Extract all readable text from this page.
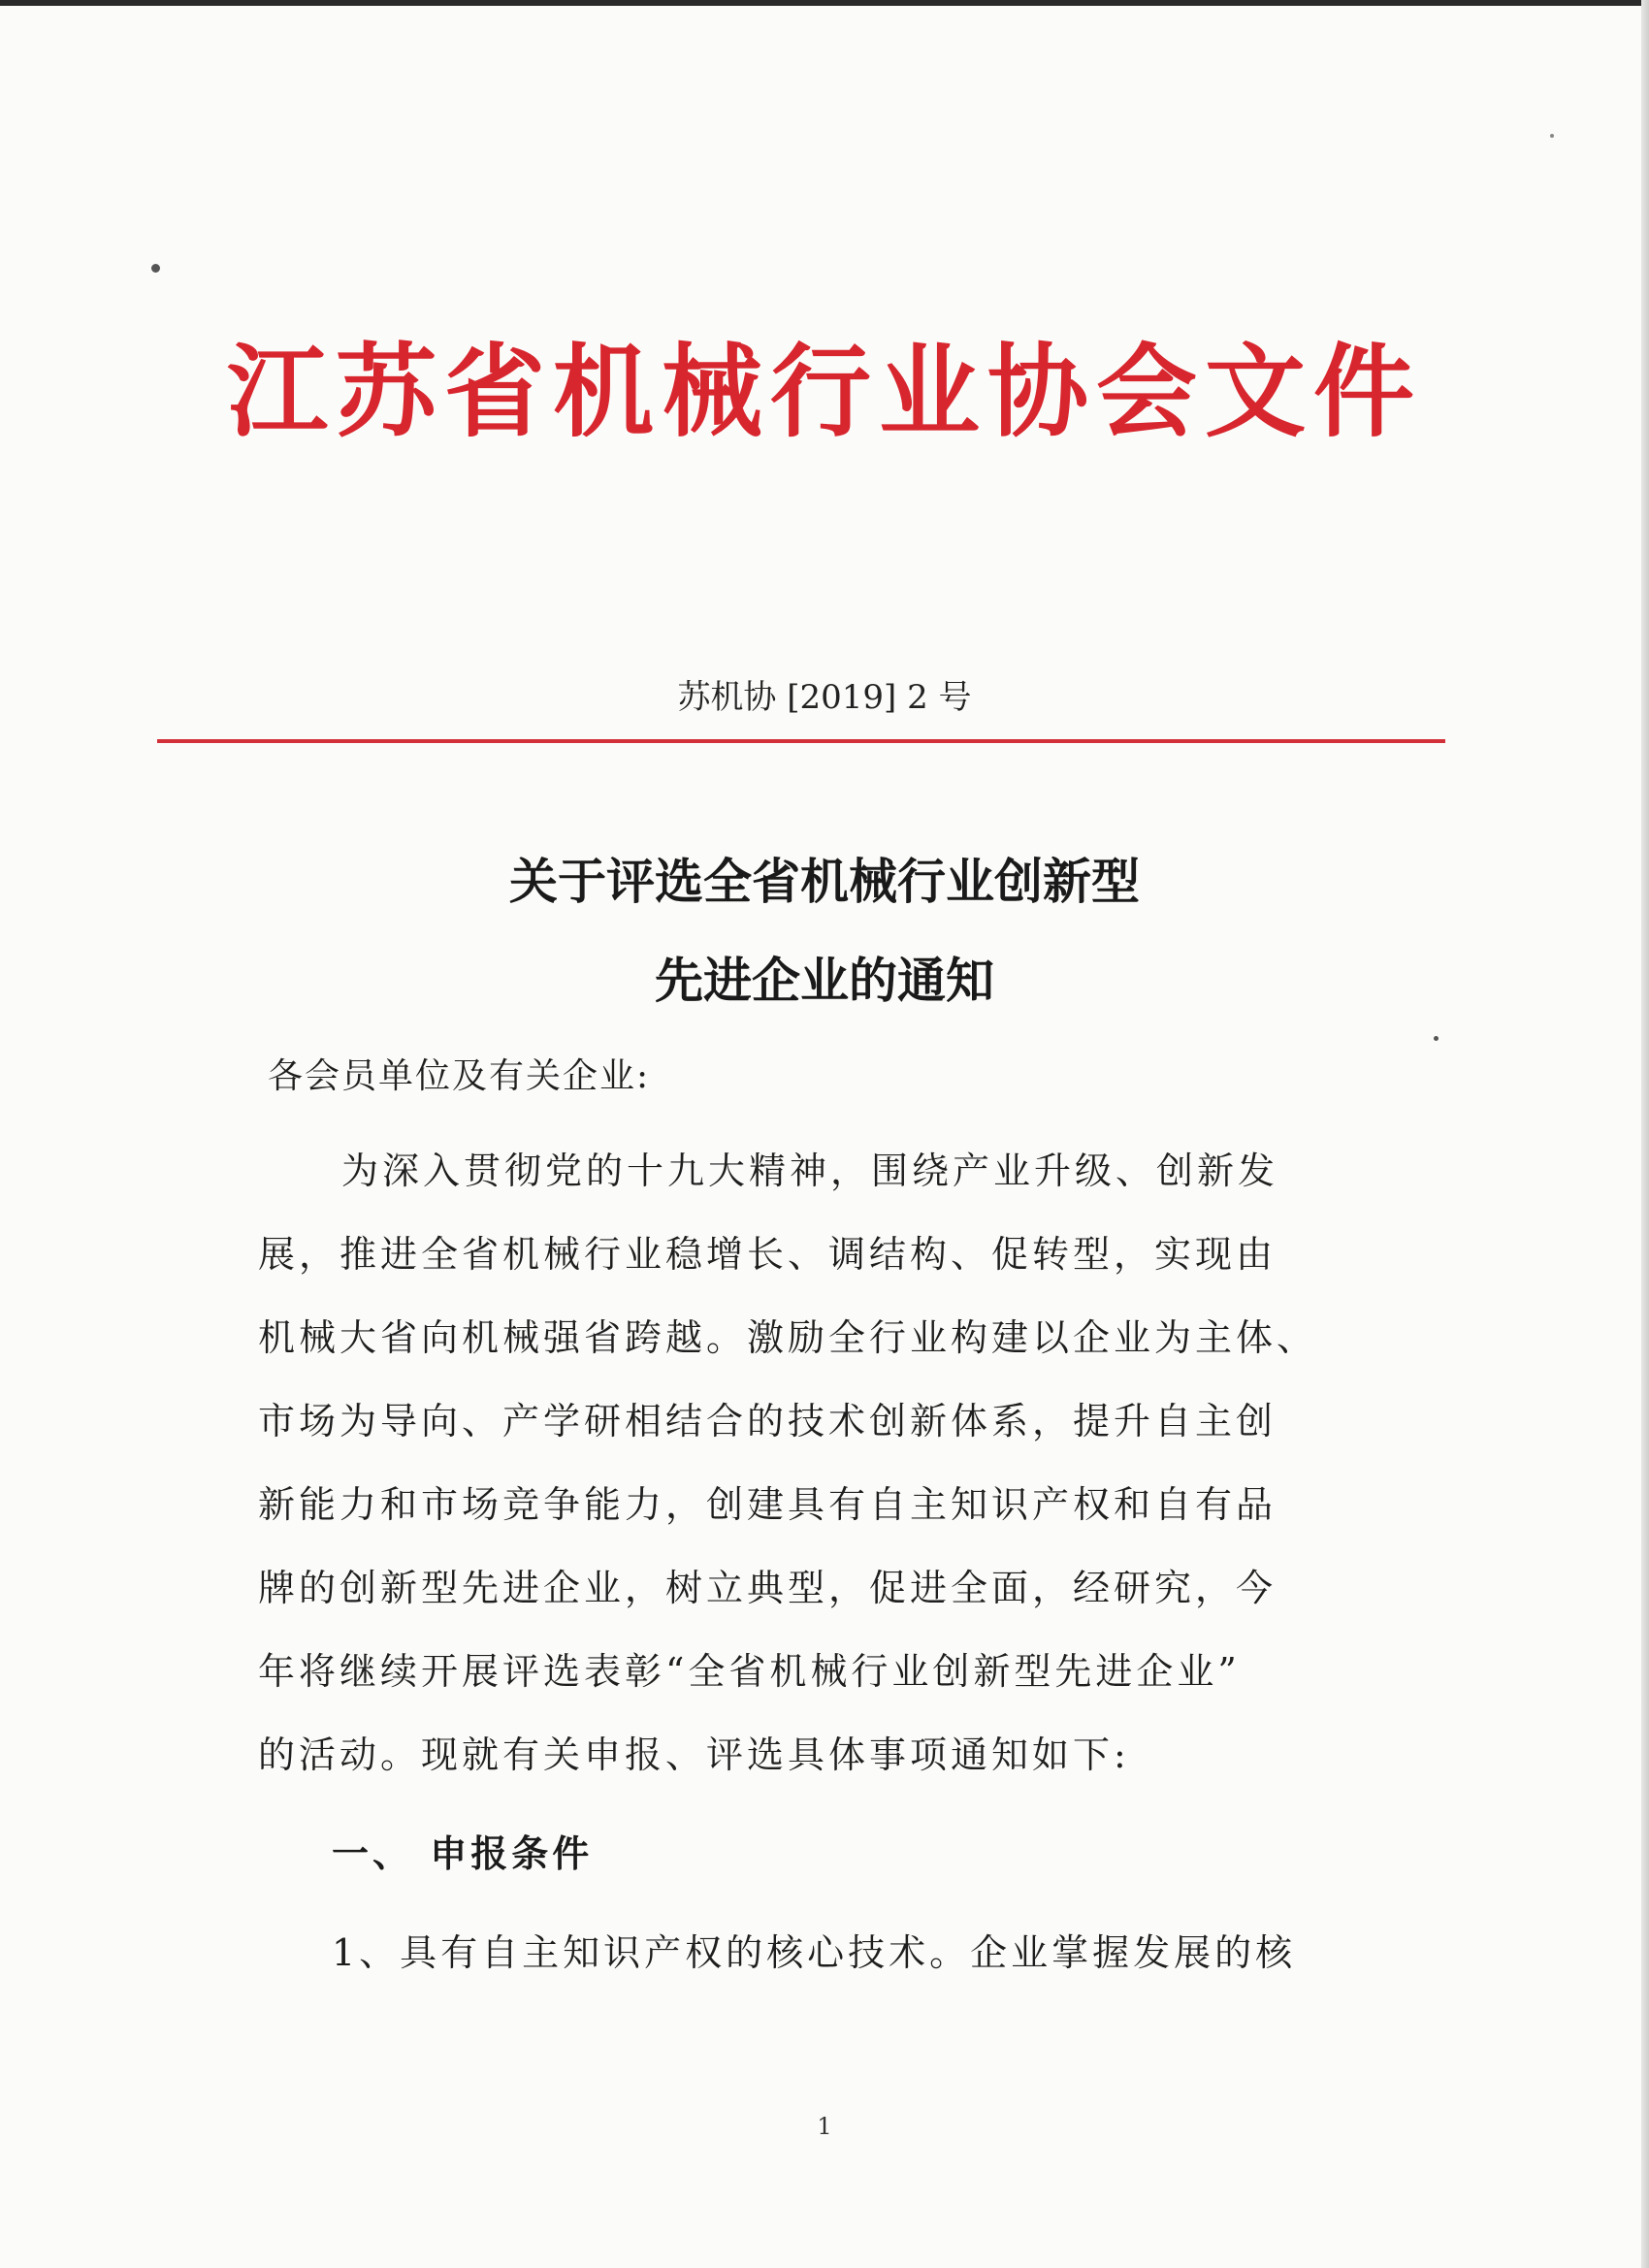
江苏省机械行业协会文件
苏机协 [2019] 2 号
关于评选全省机械行业创新型
先进企业的通知
各会员单位及有关企业:
为深入贯彻党的十九大精神，围绕产业升级、创新发
展，推进全省机械行业稳增长、调结构、促转型，实现由
机械大省向机械强省跨越。激励全行业构建以企业为主体、
市场为导向、产学研相结合的技术创新体系，提升自主创
新能力和市场竞争能力，创建具有自主知识产权和自有品
牌的创新型先进企业，树立典型，促进全面，经研究，今
年将继续开展评选表彰“全省机械行业创新型先进企业”
的活动。现就有关申报、评选具体事项通知如下:
一、 申报条件
1、具有自主知识产权的核心技术。企业掌握发展的核
1
